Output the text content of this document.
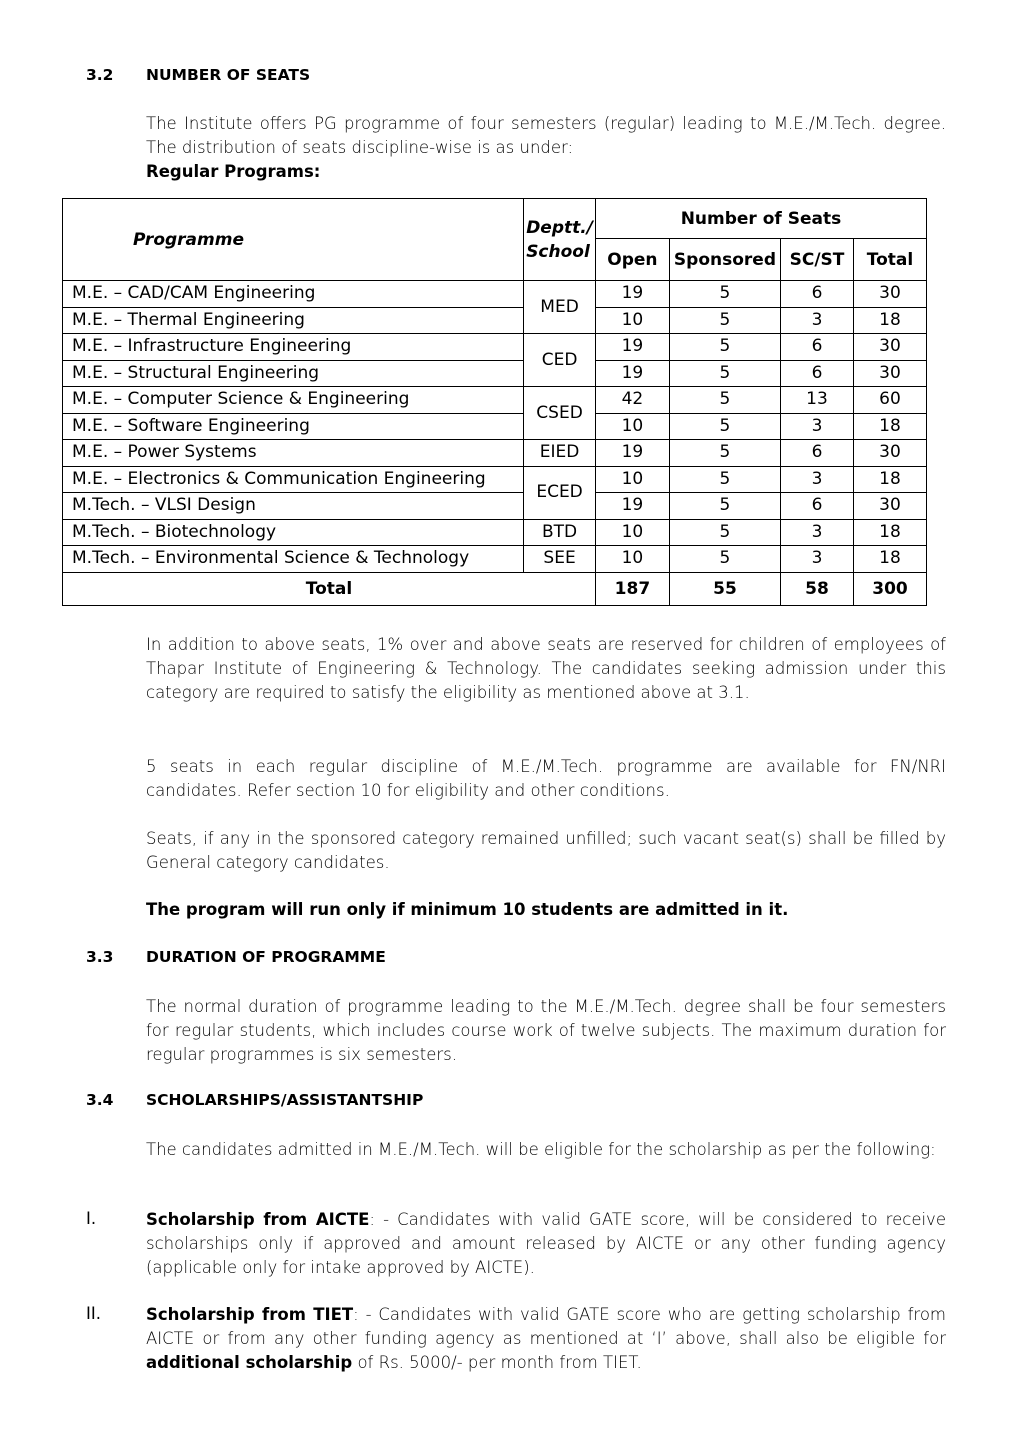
3.2 NUMBER OF SEATS
The Institute offers PG programme of four semesters (regular) leading to M.E./M.Tech. degree. The distribution of seats discipline-wise is as under:
Regular Programs:
Programme	Deptt./ School	Number of Seats			
		Open	Sponsored	SC/ST	Total
M.E. – CAD/CAM Engineering	MED	19	5	6	30
M.E. – Thermal Engineering		10	5	3	18
M.E. – Infrastructure Engineering	CED	19	5	6	30
M.E. – Structural Engineering		19	5	6	30
M.E. – Computer Science & Engineering	CSED	42	5	13	60
M.E. – Software Engineering		10	5	3	18
M.E. – Power Systems	EIED	19	5	6	30
M.E. – Electronics & Communication Engineering	ECED	10	5	3	18
M.Tech. – VLSI Design		19	5	6	30
M.Tech. – Biotechnology	BTD	10	5	3	18
M.Tech. – Environmental Science & Technology	SEE	10	5	3	18
Total		187	55	58	300
In addition to above seats, 1% over and above seats are reserved for children of employees of Thapar Institute of Engineering & Technology. The candidates seeking admission under this category are required to satisfy the eligibility as mentioned above at 3.1.
5 seats in each regular discipline of M.E./M.Tech. programme are available for FN/NRI candidates. Refer section 10 for eligibility and other conditions.
Seats, if any in the sponsored category remained unfilled; such vacant seat(s) shall be filled by General category candidates.
The program will run only if minimum 10 students are admitted in it.
3.3 DURATION OF PROGRAMME
The normal duration of programme leading to the M.E./M.Tech. degree shall be four semesters for regular students, which includes course work of twelve subjects. The maximum duration for regular programmes is six semesters.
3.4 SCHOLARSHIPS/ASSISTANTSHIP
The candidates admitted in M.E./M.Tech. will be eligible for the scholarship as per the following:
I.	Scholarship from AICTE: - Candidates with valid GATE score, will be considered to receive scholarships only if approved and amount released by AICTE or any other funding agency (applicable only for intake approved by AICTE).
II.	Scholarship from TIET: - Candidates with valid GATE score who are getting scholarship from AICTE or from any other funding agency as mentioned at ‘I’ above, shall also be eligible for additional scholarship of Rs. 5000/- per month from TIET.
